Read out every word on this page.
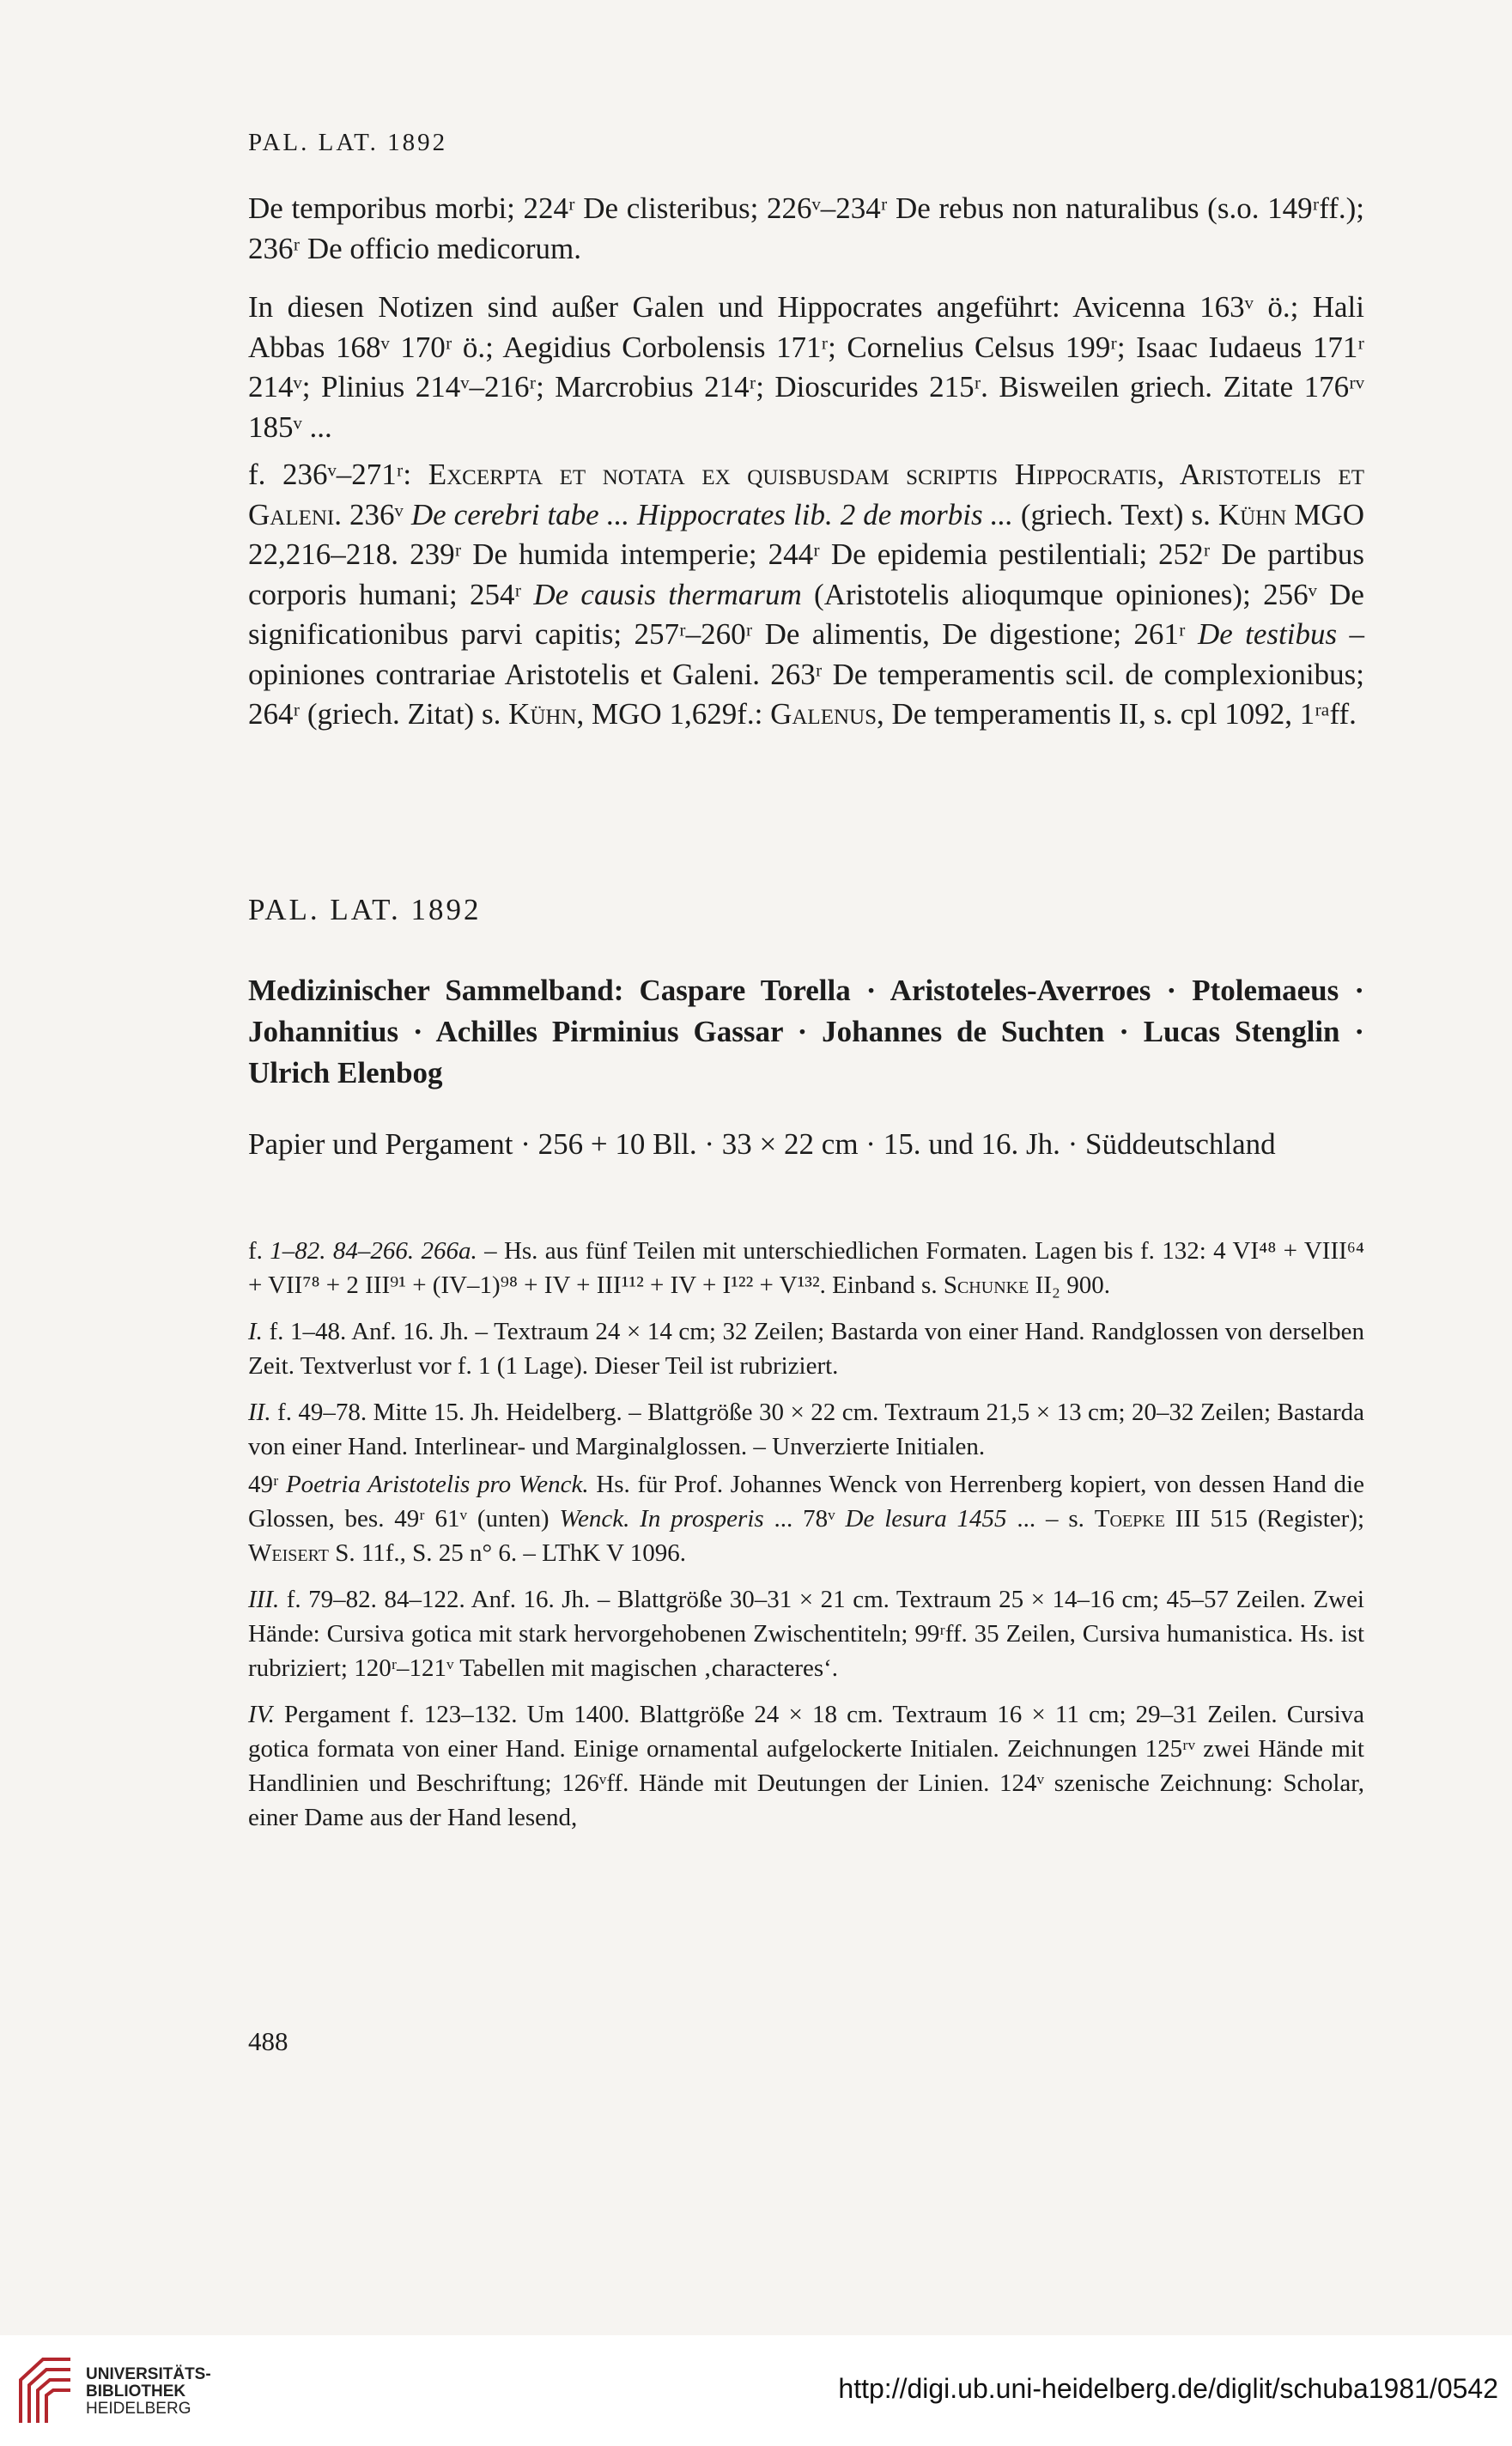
PAL. LAT. 1892

De temporibus morbi; 224ʳ De clisteribus; 226ᵛ–234ʳ De rebus non naturalibus (s.o. 149ʳff.); 236ʳ De officio medicorum.

In diesen Notizen sind außer Galen und Hippocrates angeführt: Avicenna 163ᵛ ö.; Hali Abbas 168ᵛ 170ʳ ö.; Aegidius Corbolensis 171ʳ; Cornelius Celsus 199ʳ; Isaac Iudaeus 171ʳ 214ᵛ; Plinius 214ᵛ–216ʳ; Marcrobius 214ʳ; Dioscurides 215ʳ. Bisweilen griech. Zitate 176ʳᵛ 185ᵛ ...

f. 236ᵛ–271ʳ: Excerpta et notata ex quisbusdam scriptis Hippocratis, Aristotelis et Galeni. 236ᵛ De cerebri tabe ... Hippocrates lib. 2 de morbis ... (griech. Text) s. Kühn MGO 22,216–218. 239ʳ De humida intemperie; 244ʳ De epidemia pestilentiali; 252ʳ De partibus corporis humani; 254ʳ De causis thermarum (Aristotelis alioqumque opiniones); 256ᵛ De significationibus parvi capitis; 257ʳ–260ʳ De alimentis, De digestione; 261ʳ De testibus – opiniones contrariae Aristotelis et Galeni. 263ʳ De temperamentis scil. de complexionibus; 264ʳ (griech. Zitat) s. Kühn, MGO 1,629f.: Galenus, De temperamentis II, s. cpl 1092, 1ʳᵃff.

PAL. LAT. 1892
Medizinischer Sammelband: Caspare Torella · Aristoteles-Averroes · Ptolemaeus · Johannitius · Achilles Pirminius Gassar · Johannes de Suchten · Lucas Stenglin · Ulrich Elenbog

Papier und Pergament · 256 + 10 Bll. · 33 × 22 cm · 15. und 16. Jh. · Süddeutschland

f. 1–82. 84–266. 266a. – Hs. aus fünf Teilen mit unterschiedlichen Formaten. Lagen bis f. 132: 4 VI⁴⁸ + VIII⁶⁴ + VII⁷⁸ + 2 III⁹¹ + (IV–1)⁹⁸ + IV + III¹¹² + IV + I¹²² + V¹³². Einband s. Schunke II₂ 900.

I. f. 1–48. Anf. 16. Jh. – Textraum 24 × 14 cm; 32 Zeilen; Bastarda von einer Hand. Randglossen von derselben Zeit. Textverlust vor f. 1 (1 Lage). Dieser Teil ist rubriziert.

II. f. 49–78. Mitte 15. Jh. Heidelberg. – Blattgröße 30 × 22 cm. Textraum 21,5 × 13 cm; 20–32 Zeilen; Bastarda von einer Hand. Interlinear- und Marginalglossen. – Unverzierte Initialen.

49ʳ Poetria Aristotelis pro Wenck. Hs. für Prof. Johannes Wenck von Herrenberg kopiert, von dessen Hand die Glossen, bes. 49ʳ 61ᵛ (unten) Wenck. In prosperis ... 78ᵛ De lesura 1455 ... – s. Toepke III 515 (Register); Weisert S. 11f., S. 25 n° 6. – LThK V 1096.

III. f. 79–82. 84–122. Anf. 16. Jh. – Blattgröße 30–31 × 21 cm. Textraum 25 × 14–16 cm; 45–57 Zeilen. Zwei Hände: Cursiva gotica mit stark hervorgehobenen Zwischentiteln; 99ʳff. 35 Zeilen, Cursiva humanistica. Hs. ist rubriziert; 120ʳ–121ᵛ Tabellen mit magischen ‚characteres‘.

IV. Pergament f. 123–132. Um 1400. Blattgröße 24 × 18 cm. Textraum 16 × 11 cm; 29–31 Zeilen. Cursiva gotica formata von einer Hand. Einige ornamental aufgelockerte Initialen. Zeichnungen 125ʳᵛ zwei Hände mit Handlinien und Beschriftung; 126ᵛff. Hände mit Deutungen der Linien. 124ᵛ szenische Zeichnung: Scholar, einer Dame aus der Hand lesend,

488
UNIVERSITÄTS-
BIBLIOTHEK
HEIDELBERG
http://digi.ub.uni-heidelberg.de/diglit/schuba1981/0542
